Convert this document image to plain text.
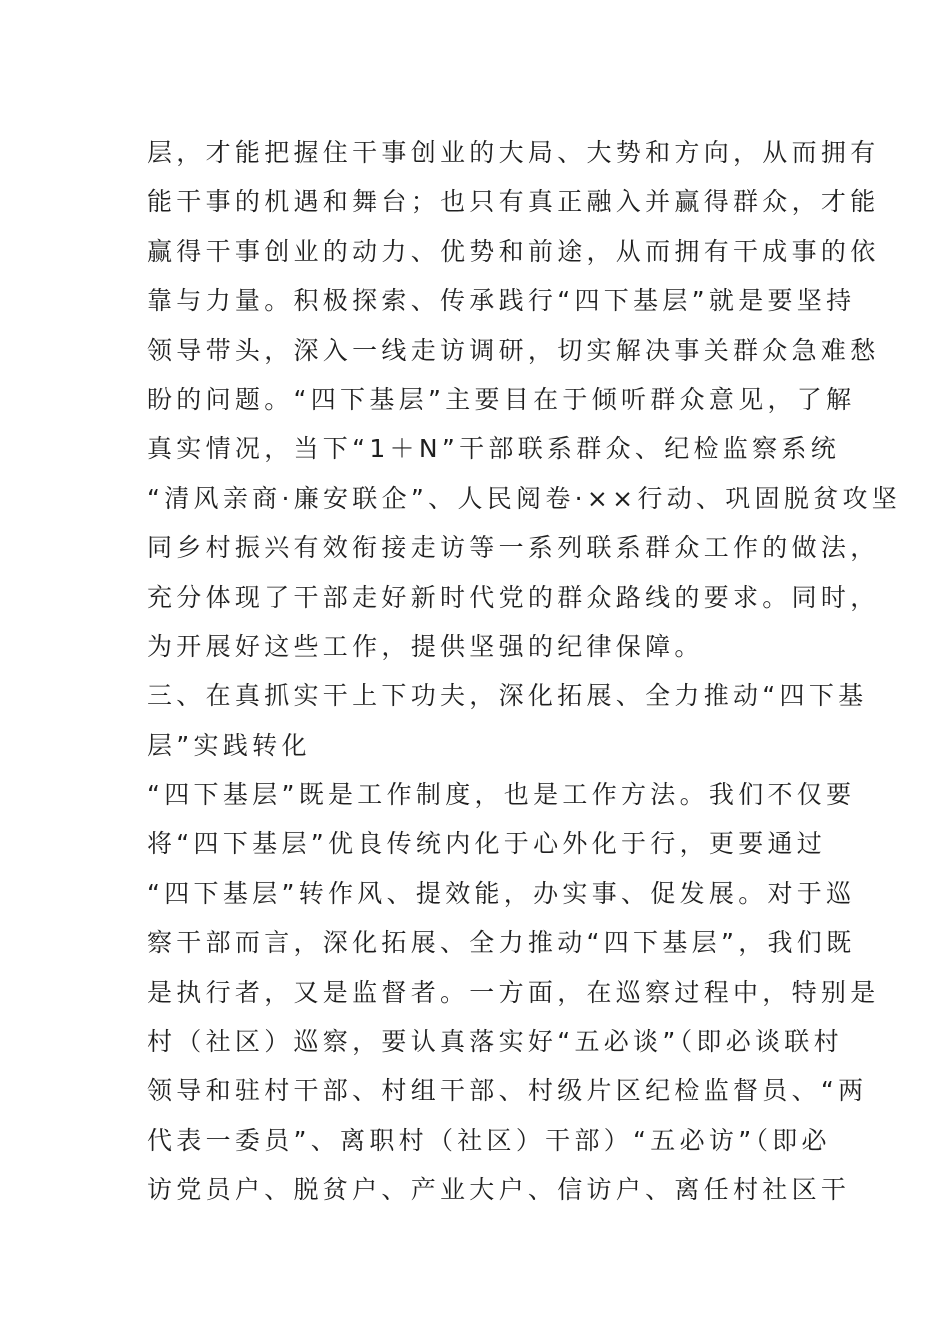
层，才能把握住干事创业的大局、大势和方向，从而拥有
能干事的机遇和舞台；也只有真正融入并赢得群众，才能
赢得干事创业的动力、优势和前途，从而拥有干成事的依
靠与力量。积极探索、传承践行“四下基层”就是要坚持
领导带头，深入一线走访调研，切实解决事关群众急难愁
盼的问题。“四下基层”主要目在于倾听群众意见，了解
真实情况，当下“1＋N”干部联系群众、纪检监察系统
“清风亲商·廉安联企”、人民阅卷·××行动、巩固脱贫攻坚
同乡村振兴有效衔接走访等一系列联系群众工作的做法，
充分体现了干部走好新时代党的群众路线的要求。同时，
为开展好这些工作，提供坚强的纪律保障。
三、在真抓实干上下功夫，深化拓展、全力推动“四下基
层”实践转化
“四下基层”既是工作制度，也是工作方法。我们不仅要
将“四下基层”优良传统内化于心外化于行，更要通过
“四下基层”转作风、提效能，办实事、促发展。对于巡
察干部而言，深化拓展、全力推动“四下基层”，我们既
是执行者，又是监督者。一方面，在巡察过程中，特别是
村（社区）巡察，要认真落实好“五必谈”（即必谈联村
领导和驻村干部、村组干部、村级片区纪检监督员、“两
代表一委员”、离职村（社区）干部）“五必访”（即必
访党员户、脱贫户、产业大户、信访户、离任村社区干
